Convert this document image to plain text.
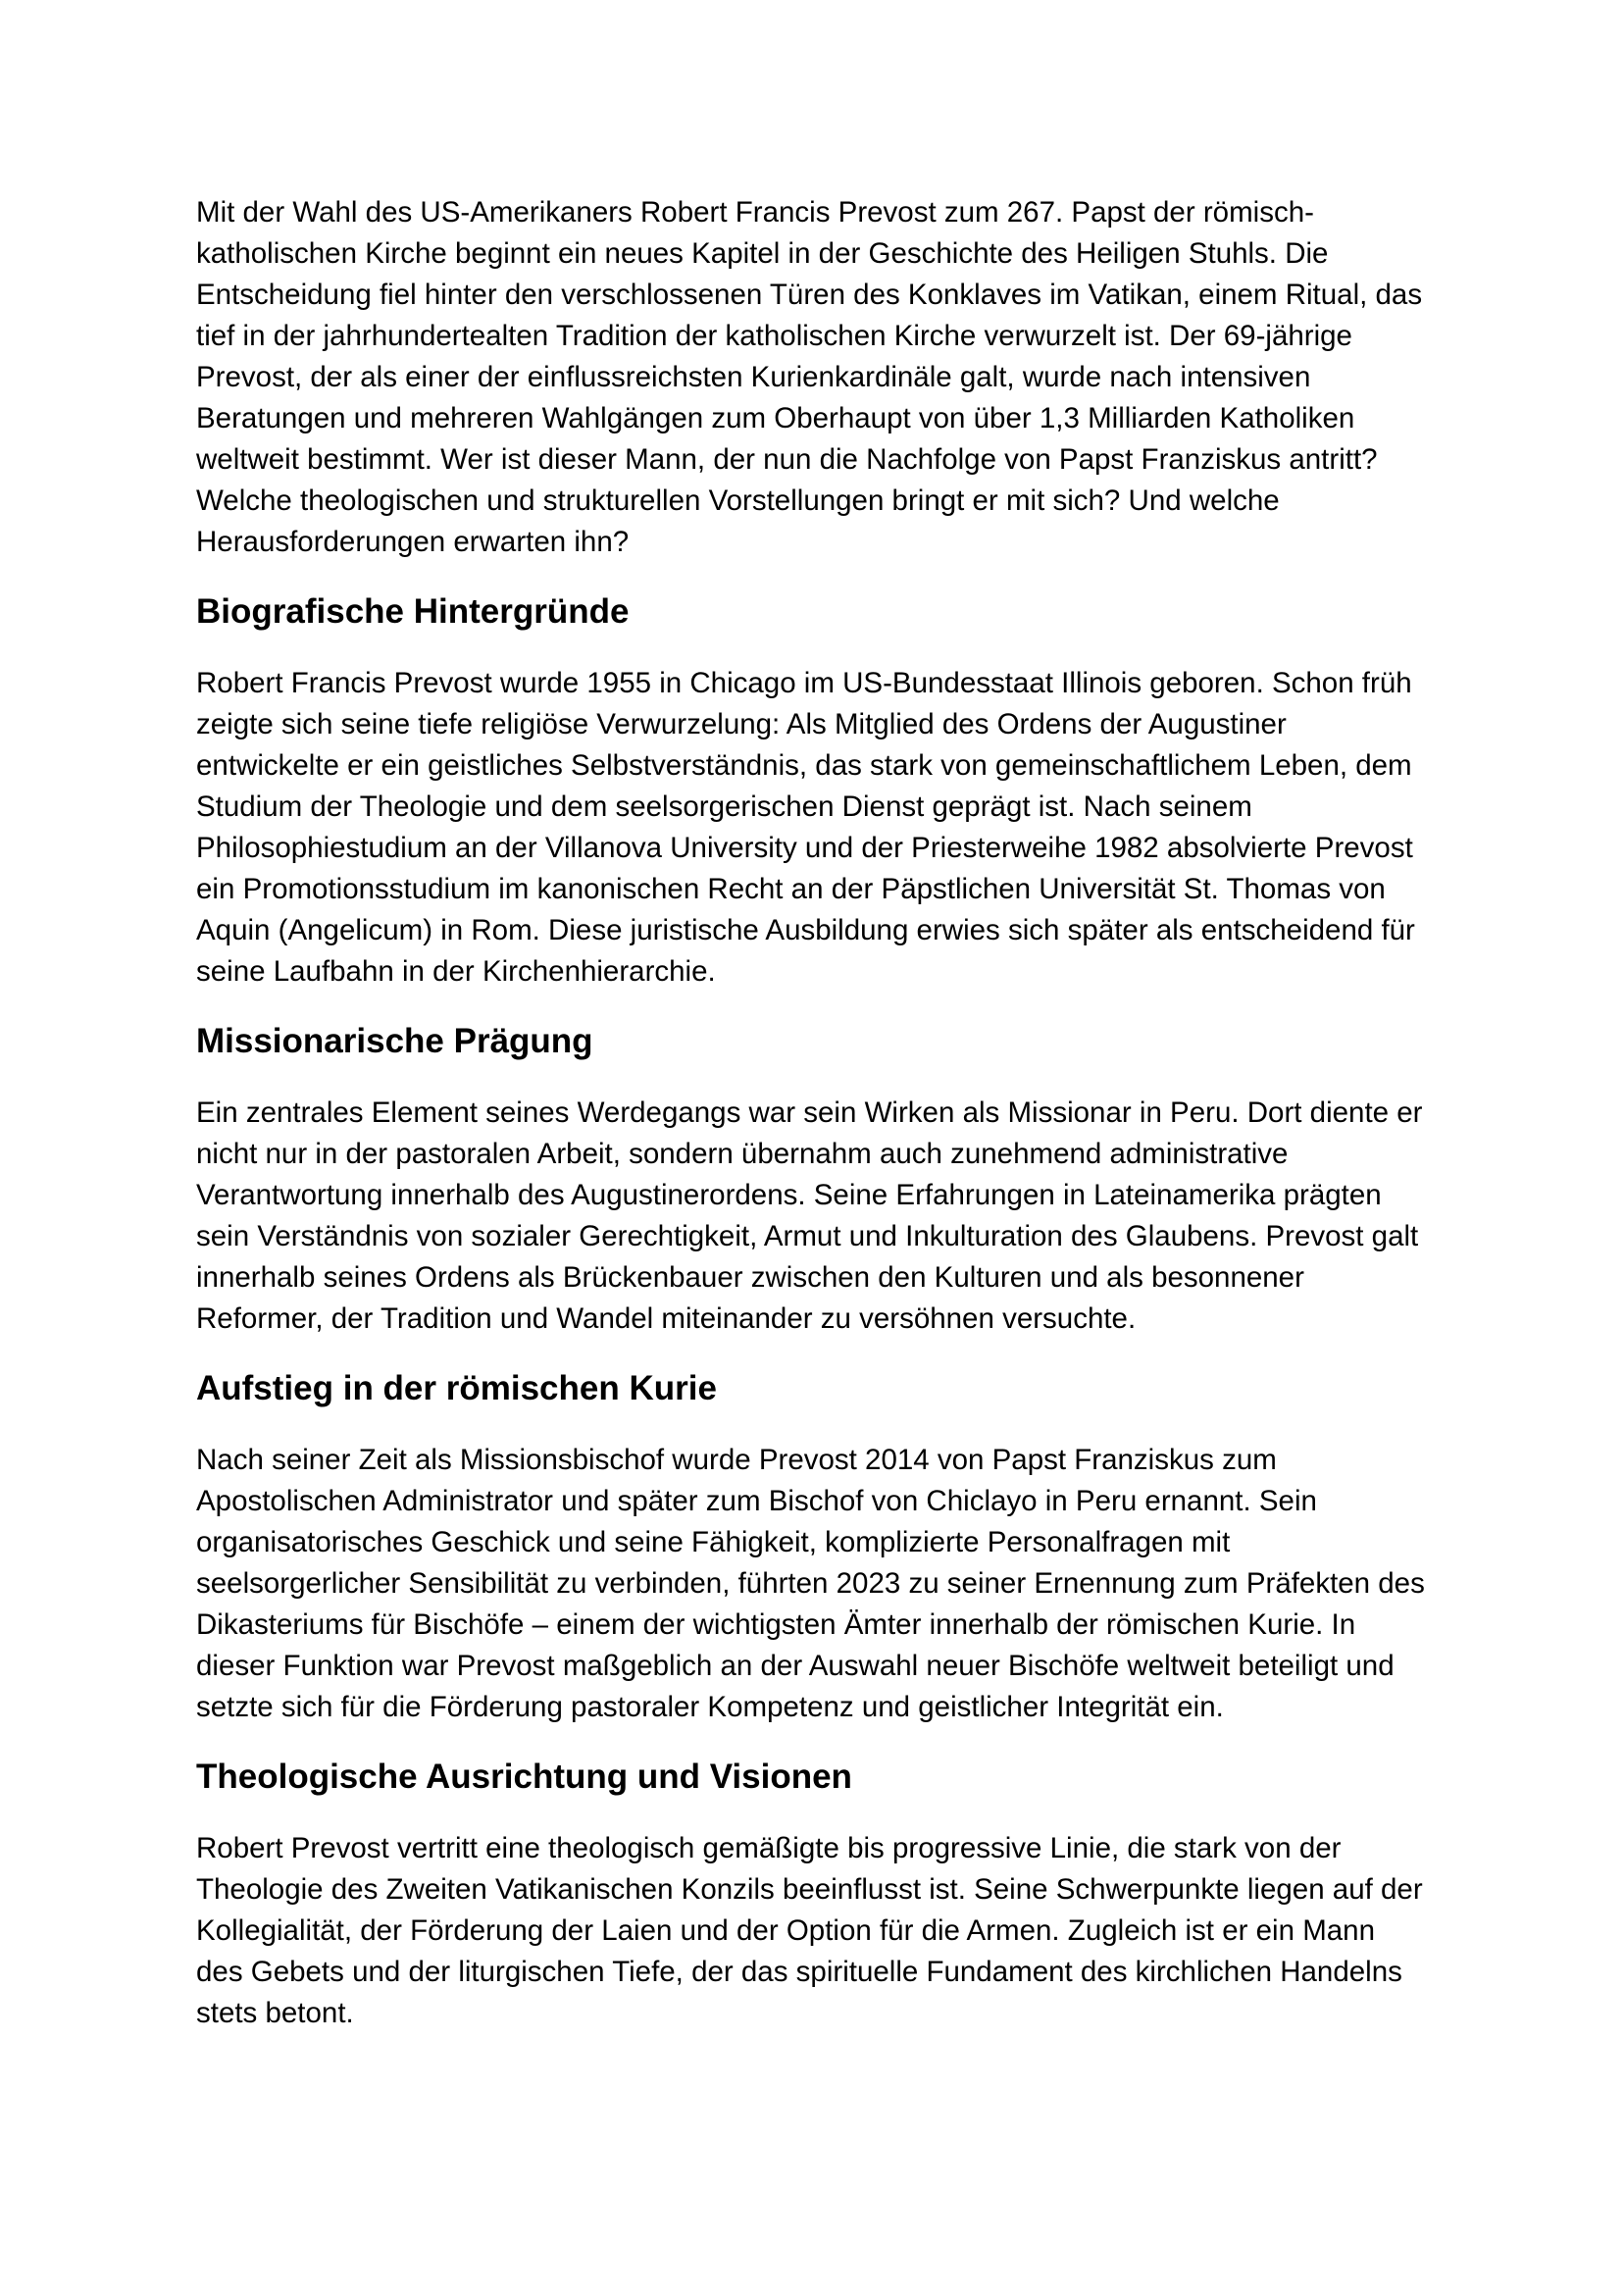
Mit der Wahl des US-Amerikaners Robert Francis Prevost zum 267. Papst der römisch-katholischen Kirche beginnt ein neues Kapitel in der Geschichte des Heiligen Stuhls. Die Entscheidung fiel hinter den verschlossenen Türen des Konklaves im Vatikan, einem Ritual, das tief in der jahrhundertealten Tradition der katholischen Kirche verwurzelt ist. Der 69-jährige Prevost, der als einer der einflussreichsten Kurienkardinäle galt, wurde nach intensiven Beratungen und mehreren Wahlgängen zum Oberhaupt von über 1,3 Milliarden Katholiken weltweit bestimmt. Wer ist dieser Mann, der nun die Nachfolge von Papst Franziskus antritt? Welche theologischen und strukturellen Vorstellungen bringt er mit sich? Und welche Herausforderungen erwarten ihn?

Biografische Hintergründe

Robert Francis Prevost wurde 1955 in Chicago im US-Bundesstaat Illinois geboren. Schon früh zeigte sich seine tiefe religiöse Verwurzelung: Als Mitglied des Ordens der Augustiner entwickelte er ein geistliches Selbstverständnis, das stark von gemeinschaftlichem Leben, dem Studium der Theologie und dem seelsorgerischen Dienst geprägt ist. Nach seinem Philosophiestudium an der Villanova University und der Priesterweihe 1982 absolvierte Prevost ein Promotionsstudium im kanonischen Recht an der Päpstlichen Universität St. Thomas von Aquin (Angelicum) in Rom. Diese juristische Ausbildung erwies sich später als entscheidend für seine Laufbahn in der Kirchenhierarchie.

Missionarische Prägung

Ein zentrales Element seines Werdegangs war sein Wirken als Missionar in Peru. Dort diente er nicht nur in der pastoralen Arbeit, sondern übernahm auch zunehmend administrative Verantwortung innerhalb des Augustinerordens. Seine Erfahrungen in Lateinamerika prägten sein Verständnis von sozialer Gerechtigkeit, Armut und Inkulturation des Glaubens. Prevost galt innerhalb seines Ordens als Brückenbauer zwischen den Kulturen und als besonnener Reformer, der Tradition und Wandel miteinander zu versöhnen versuchte.

Aufstieg in der römischen Kurie

Nach seiner Zeit als Missionsbischof wurde Prevost 2014 von Papst Franziskus zum Apostolischen Administrator und später zum Bischof von Chiclayo in Peru ernannt. Sein organisatorisches Geschick und seine Fähigkeit, komplizierte Personalfragen mit seelsorgerlicher Sensibilität zu verbinden, führten 2023 zu seiner Ernennung zum Präfekten des Dikasteriums für Bischöfe – einem der wichtigsten Ämter innerhalb der römischen Kurie. In dieser Funktion war Prevost maßgeblich an der Auswahl neuer Bischöfe weltweit beteiligt und setzte sich für die Förderung pastoraler Kompetenz und geistlicher Integrität ein.

Theologische Ausrichtung und Visionen

Robert Prevost vertritt eine theologisch gemäßigte bis progressive Linie, die stark von der Theologie des Zweiten Vatikanischen Konzils beeinflusst ist. Seine Schwerpunkte liegen auf der Kollegialität, der Förderung der Laien und der Option für die Armen. Zugleich ist er ein Mann des Gebets und der liturgischen Tiefe, der das spirituelle Fundament des kirchlichen Handelns stets betont.
